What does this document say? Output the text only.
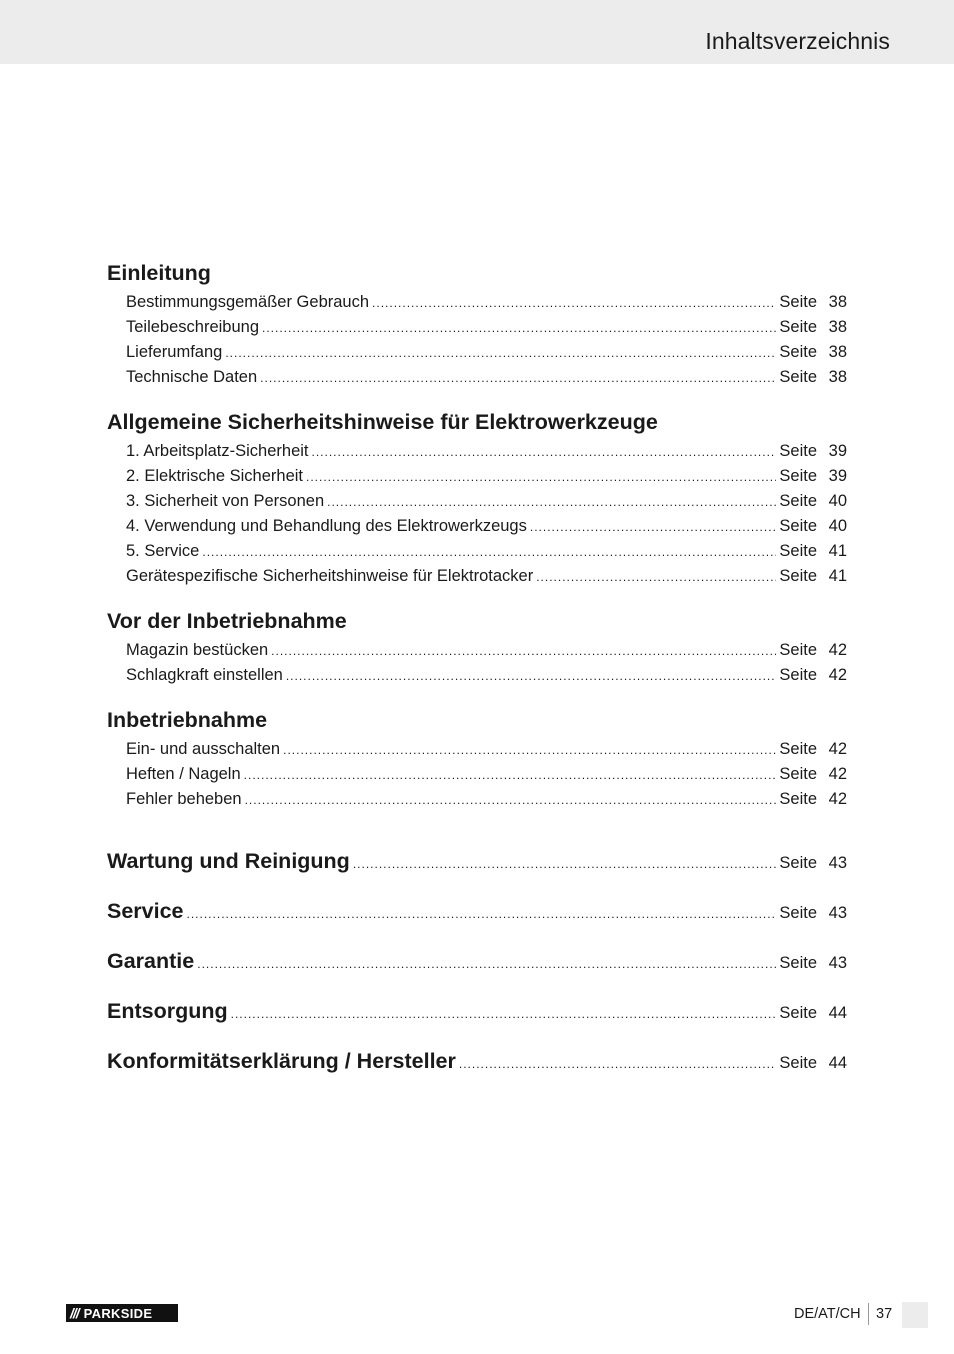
Inhaltsverzeichnis
Einleitung
Bestimmungsgemäßer Gebrauch .....	Seite 38
Teilebeschreibung .....	Seite 38
Lieferumfang .....	Seite 38
Technische Daten .....	Seite 38
Allgemeine Sicherheitshinweise für Elektrowerkzeuge
1. Arbeitsplatz-Sicherheit .....	Seite 39
2. Elektrische Sicherheit .....	Seite 39
3. Sicherheit von Personen .....	Seite 40
4. Verwendung und Behandlung des Elektrowerkzeugs .....	Seite 40
5. Service .....	Seite 41
Gerätespezifische Sicherheitshinweise für Elektrotacker .....	Seite 41
Vor der Inbetriebnahme
Magazin bestücken .....	Seite 42
Schlagkraft einstellen .....	Seite 42
Inbetriebnahme
Ein- und ausschalten .....	Seite 42
Heften / Nageln .....	Seite 42
Fehler beheben .....	Seite 42
Wartung und Reinigung .....	Seite 43
Service .....	Seite 43
Garantie .....	Seite 43
Entsorgung .....	Seite 44
Konformitätserklärung / Hersteller .....	Seite 44
/// PARKSIDE	DE/AT/CH 37
